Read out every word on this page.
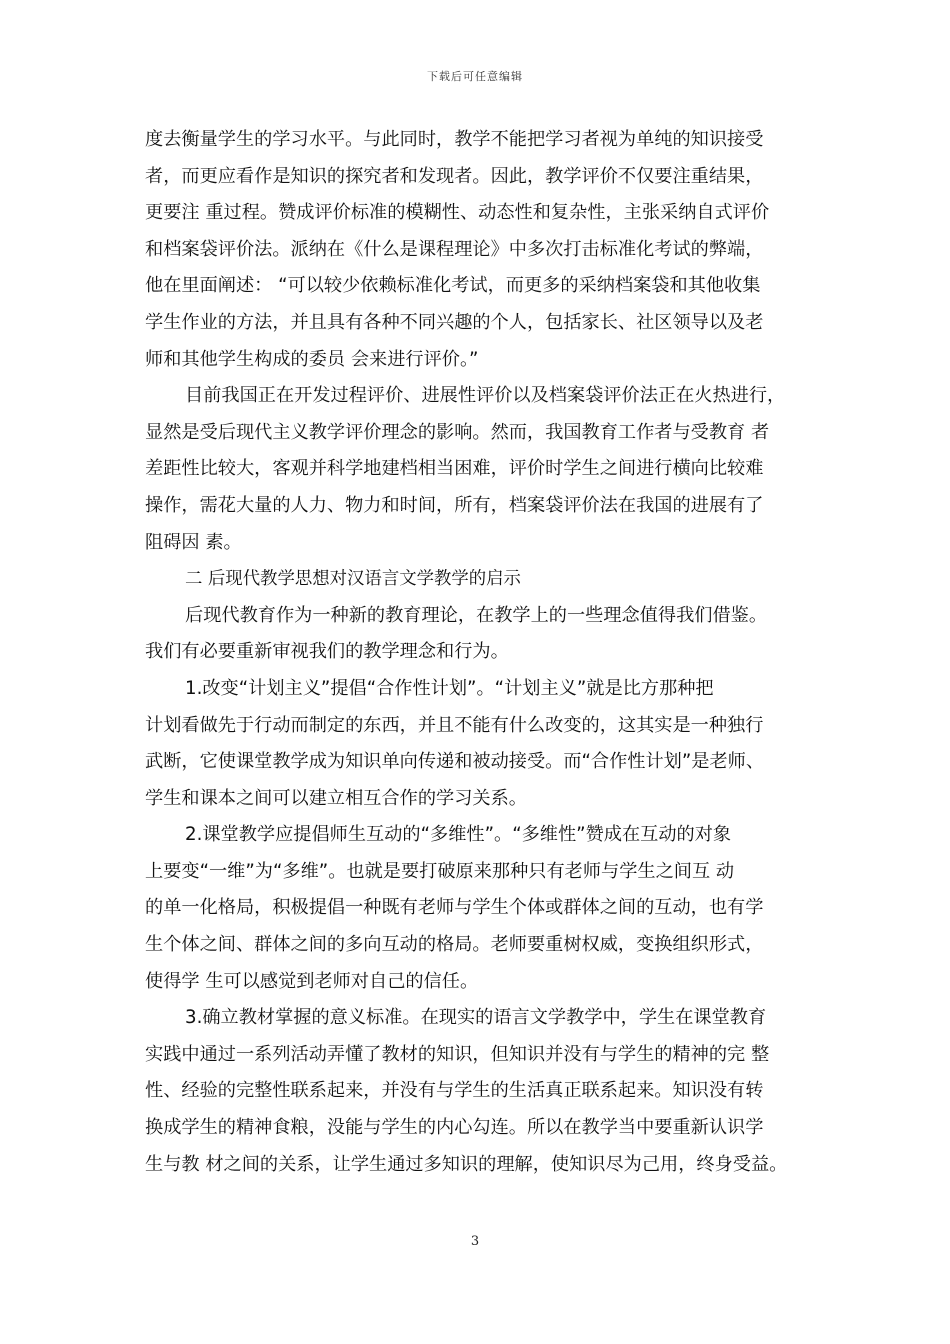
下载后可任意编辑
度去衡量学生的学习水平。与此同时，教学不能把学习者视为单纯的知识接受
者，而更应看作是知识的探究者和发现者。因此，教学评价不仅要注重结果，
更要注 重过程。赞成评价标准的模糊性、动态性和复杂性，主张采纳自式评价
和档案袋评价法。派纳在《什么是课程理论》中多次打击标准化考试的弊端，
他在里面阐述： “可以较少依赖标准化考试，而更多的采纳档案袋和其他收集
学生作业的方法，并且具有各种不同兴趣的个人，包括家长、社区领导以及老
师和其他学生构成的委员 会来进行评价。”
目前我国正在开发过程评价、进展性评价以及档案袋评价法正在火热进行，
显然是受后现代主义教学评价理念的影响。然而，我国教育工作者与受教育 者
差距性比较大，客观并科学地建档相当困难，评价时学生之间进行横向比较难
操作，需花大量的人力、物力和时间，所有，档案袋评价法在我国的进展有了
阻碍因 素。
二 后现代教学思想对汉语言文学教学的启示
后现代教育作为一种新的教育理论，在教学上的一些理念值得我们借鉴。
我们有必要重新审视我们的教学理念和行为。
1.改变“计划主义”提倡“合作性计划”。“计划主义”就是比方那种把
计划看做先于行动而制定的东西，并且不能有什么改变的，这其实是一种独行
武断，它使课堂教学成为知识单向传递和被动接受。而“合作性计划”是老师、
学生和课本之间可以建立相互合作的学习关系。
2.课堂教学应提倡师生互动的“多维性”。“多维性”赞成在互动的对象
上要变“一维”为“多维”。也就是要打破原来那种只有老师与学生之间互 动
的单一化格局，积极提倡一种既有老师与学生个体或群体之间的互动，也有学
生个体之间、群体之间的多向互动的格局。老师要重树权威，变换组织形式，
使得学 生可以感觉到老师对自己的信任。
3.确立教材掌握的意义标准。在现实的语言文学教学中，学生在课堂教育
实践中通过一系列活动弄懂了教材的知识，但知识并没有与学生的精神的完 整
性、经验的完整性联系起来，并没有与学生的生活真正联系起来。知识没有转
换成学生的精神食粮，没能与学生的内心勾连。所以在教学当中要重新认识学
生与教 材之间的关系，让学生通过多知识的理解，使知识尽为己用，终身受益。
3
